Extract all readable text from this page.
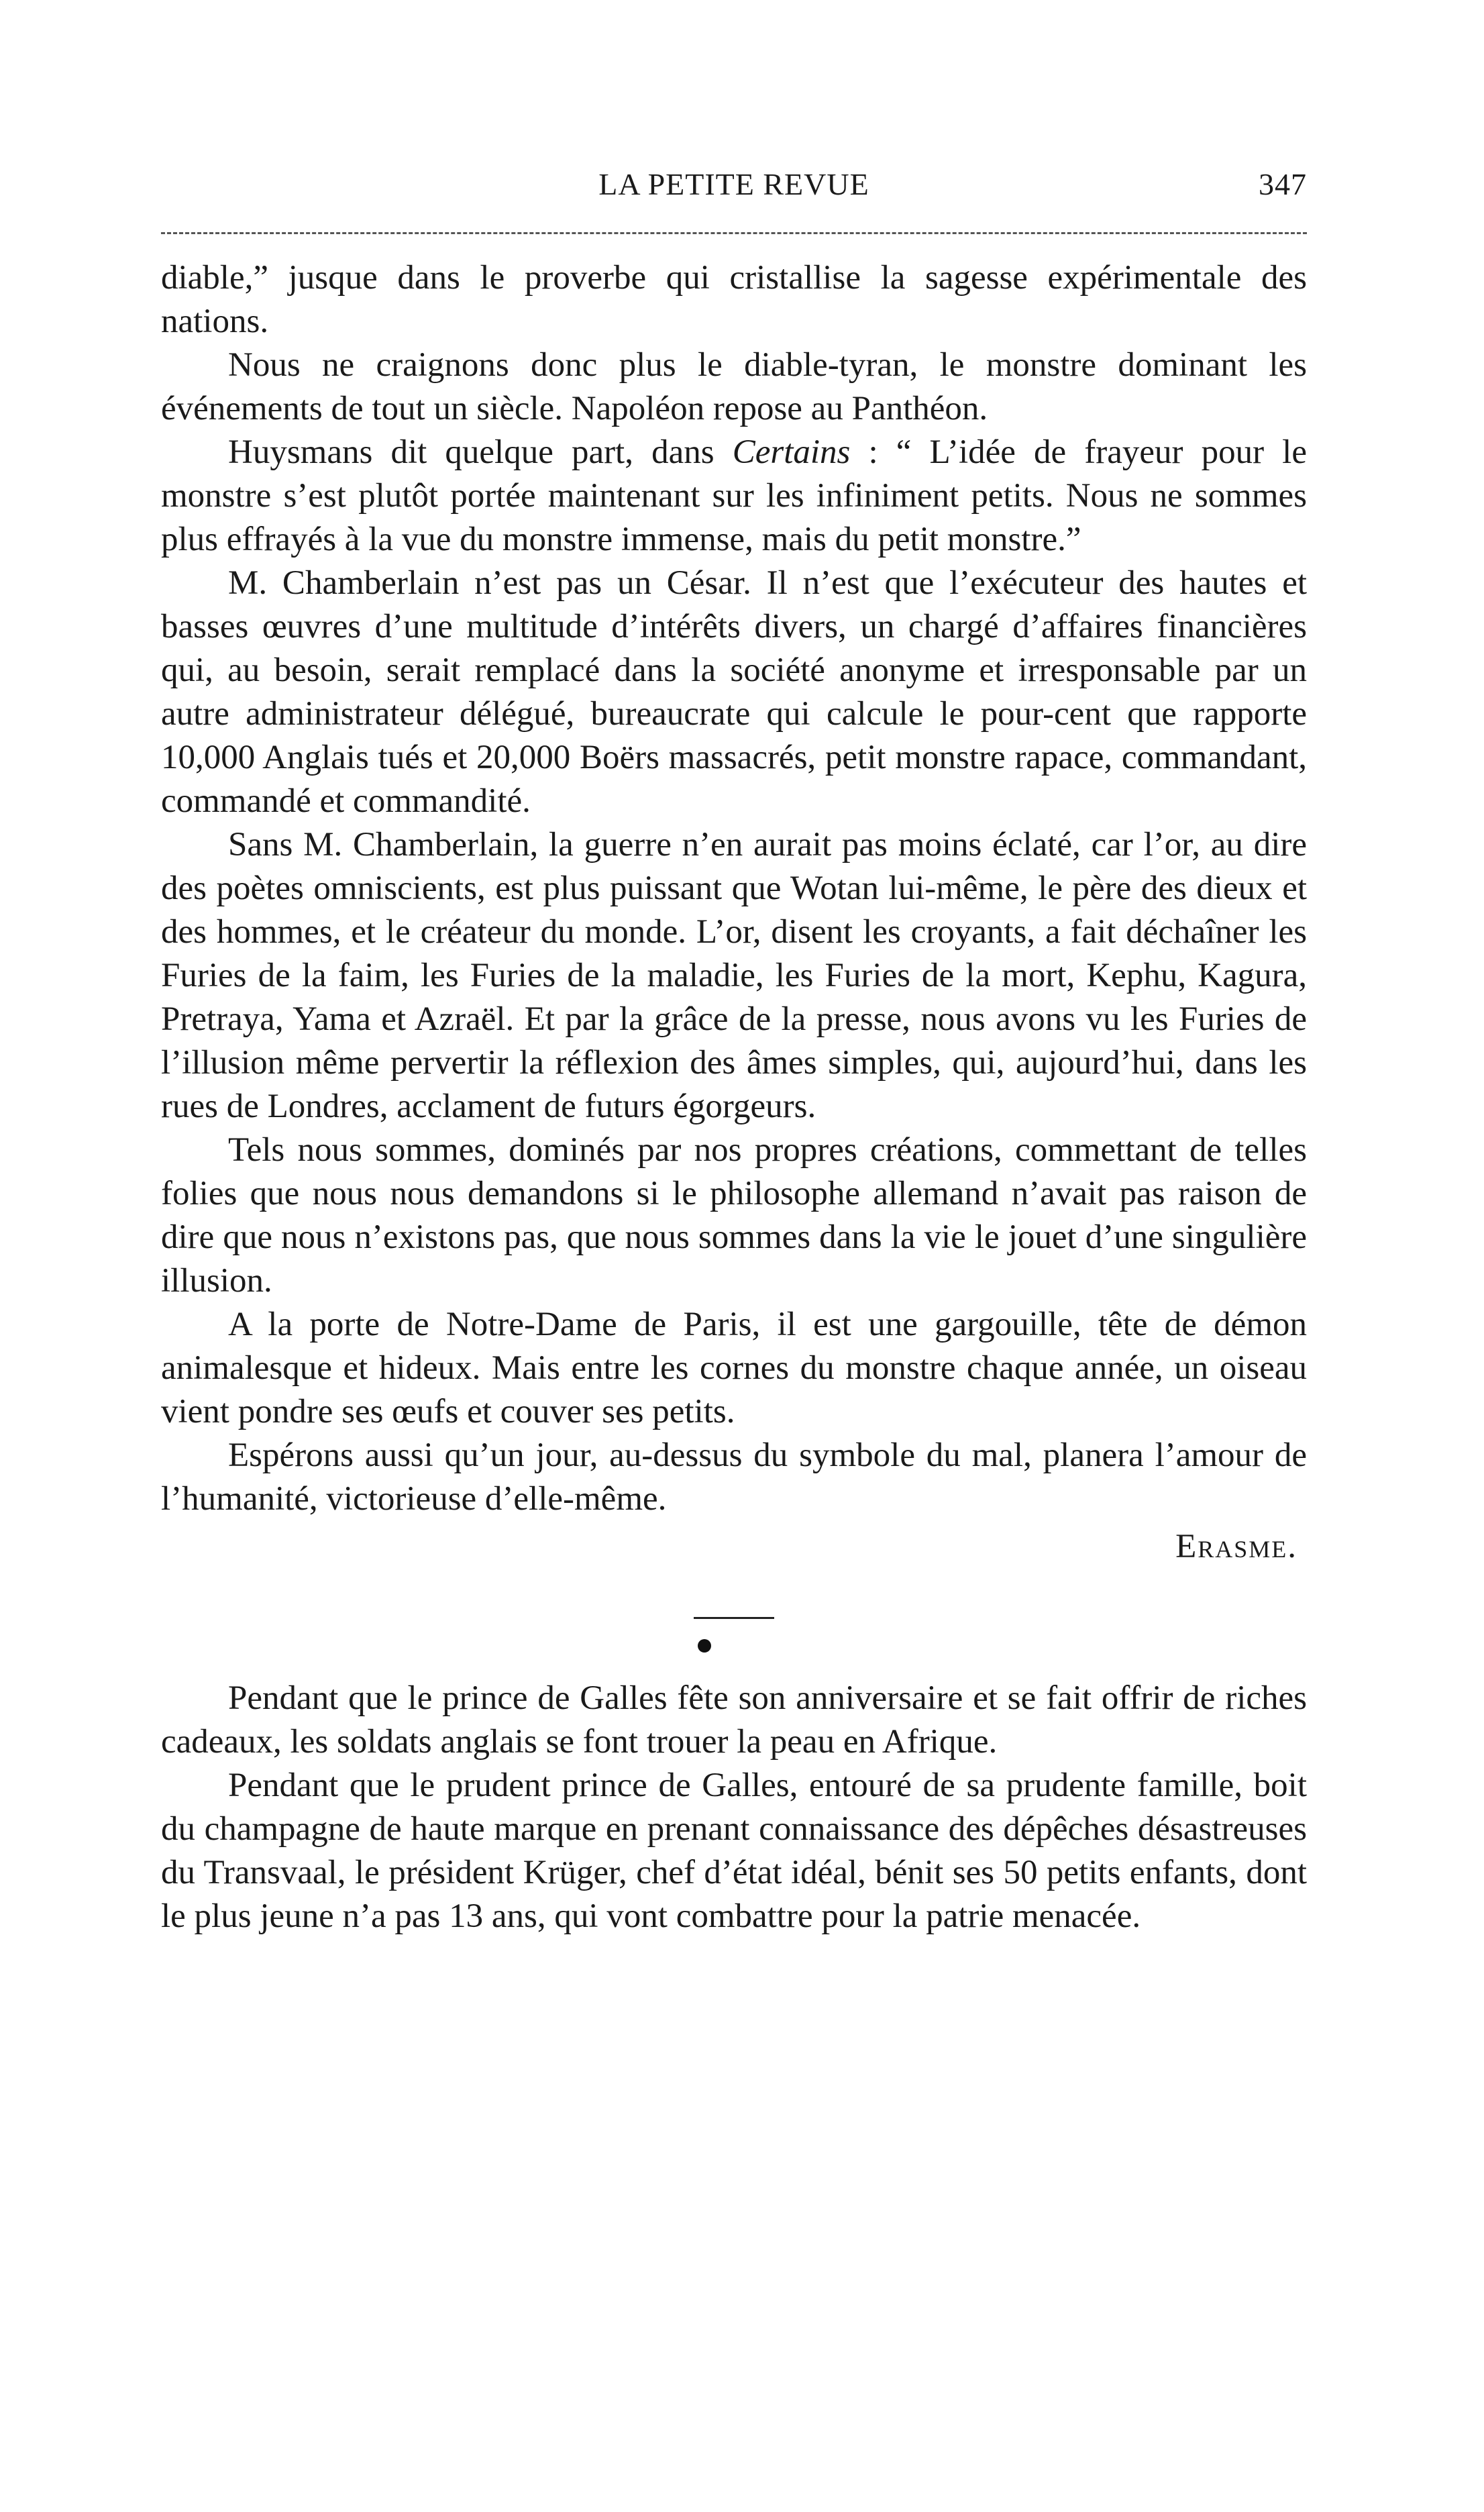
LA PETITE REVUE	347

diable,” jusque dans le proverbe qui cristallise la sagesse expérimentale des nations.

Nous ne craignons donc plus le diable-tyran, le monstre dominant les événements de tout un siècle. Napoléon repose au Panthéon.

Huysmans dit quelque part, dans Certains : “ L’idée de frayeur pour le monstre s’est plutôt portée maintenant sur les infiniment petits. Nous ne sommes plus effrayés à la vue du monstre immense, mais du petit monstre.”

M. Chamberlain n’est pas un César. Il n’est que l’exécuteur des hautes et basses œuvres d’une multitude d’intérêts divers, un chargé d’affaires financières qui, au besoin, serait remplacé dans la société anonyme et irresponsable par un autre administrateur délégué, bureaucrate qui calcule le pour-cent que rapporte 10,000 Anglais tués et 20,000 Boërs massacrés, petit monstre rapace, commandant, commandé et commandité.

Sans M. Chamberlain, la guerre n’en aurait pas moins éclaté, car l’or, au dire des poètes omniscients, est plus puissant que Wotan lui-même, le père des dieux et des hommes, et le créateur du monde. L’or, disent les croyants, a fait déchaîner les Furies de la faim, les Furies de la maladie, les Furies de la mort, Kephu, Kagura, Pretraya, Yama et Azraël. Et par la grâce de la presse, nous avons vu les Furies de l’illusion même pervertir la réflexion des âmes simples, qui, aujourd’hui, dans les rues de Londres, acclament de futurs égorgeurs.

Tels nous sommes, dominés par nos propres créations, commettant de telles folies que nous nous demandons si le philosophe allemand n’avait pas raison de dire que nous n’existons pas, que nous sommes dans la vie le jouet d’une singulière illusion.

A la porte de Notre-Dame de Paris, il est une gargouille, tête de démon animalesque et hideux. Mais entre les cornes du monstre chaque année, un oiseau vient pondre ses œufs et couver ses petits.

Espérons aussi qu’un jour, au-dessus du symbole du mal, planera l’amour de l’humanité, victorieuse d’elle-même.

Erasme.

Pendant que le prince de Galles fête son anniversaire et se fait offrir de riches cadeaux, les soldats anglais se font trouer la peau en Afrique.

Pendant que le prudent prince de Galles, entouré de sa prudente famille, boit du champagne de haute marque en prenant connaissance des dépêches désastreuses du Transvaal, le président Krüger, chef d’état idéal, bénit ses 50 petits enfants, dont le plus jeune n’a pas 13 ans, qui vont combattre pour la patrie menacée.
